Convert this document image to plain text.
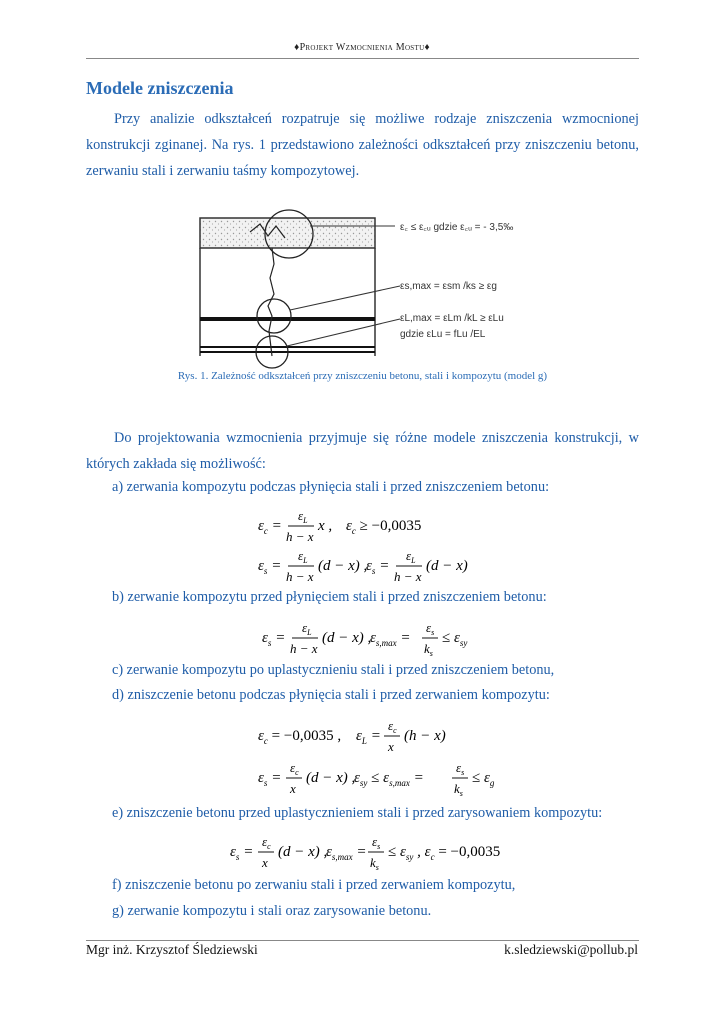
♦Projekt Wzmocnienia Mostu♦
Modele zniszczenia

Przy analizie odkształceń rozpatruje się możliwe rodzaje zniszczenia wzmocnionej konstrukcji zginanej. Na rys. 1 przedstawiono zależności odkształceń przy zniszczeniu betonu, zerwaniu stali i zerwaniu taśmy kompozytowej.

ε꜀ ≤ ε꜀ᵤ gdzie ε꜀ᵤ = - 3,5‰
εs,max = εsm /ks ≥ εg
εL,max = εLm /kL ≥ εLu
gdzie εLu = fLu /EL
Rys. 1. Zależność odkształceń przy zniszczeniu betonu, stali i kompozytu (model g)

Do projektowania wzmocnienia przyjmuje się różne modele zniszczenia konstrukcji, w których zakłada się możliwość:

a) zerwania kompozytu podczas płynięcia stali i przed zniszczeniem betonu:
$\varepsilon_c$ =
$\varepsilon_L$
h − x
x , $\varepsilon_c \ge -0,0035$
$\varepsilon_s$ =
$\varepsilon_L$
h − x
(d − x) ,
$\varepsilon_s$ =
$\varepsilon_L$
h − x
(d − x)
b) zerwanie kompozytu przed płynięciem stali i przed zniszczeniem betonu:
$\varepsilon_s$ =
$\varepsilon_L$
h − x
(d − x) ,
$\varepsilon_{s,max}$ =
$\varepsilon_s$
$k_s$
≤ $\varepsilon_{sy}$
c) zerwanie kompozytu po uplastycznieniu stali i przed zniszczeniem betonu,
d) zniszczenie betonu podczas płynięcia stali i przed zerwaniem kompozytu:
$\varepsilon_c = -0,0035$ , $\varepsilon_L$ =
$\varepsilon_c$
x
(h − x)
$\varepsilon_s$ =
$\varepsilon_c$
x
(d − x) ,
$\varepsilon_{sy} \le \varepsilon_{s,max}$ =
$\varepsilon_s$
$k_s$
≤ $\varepsilon_g$
e) zniszczenie betonu przed uplastycznieniem stali i przed zarysowaniem kompozytu:
$\varepsilon_s$ =
$\varepsilon_c$
x
(d − x) ,
$\varepsilon_{s,max}$ =
$\varepsilon_s$
$k_s$
≤ $\varepsilon_{sy}$ , $\varepsilon_c = -0,0035$
f) zniszczenie betonu po zerwaniu stali i przed zerwaniem kompozytu,
g) zerwanie kompozytu i stali oraz zarysowanie betonu.
Mgr inż. Krzysztof Śledziewski	k.sledziewski@pollub.pl
